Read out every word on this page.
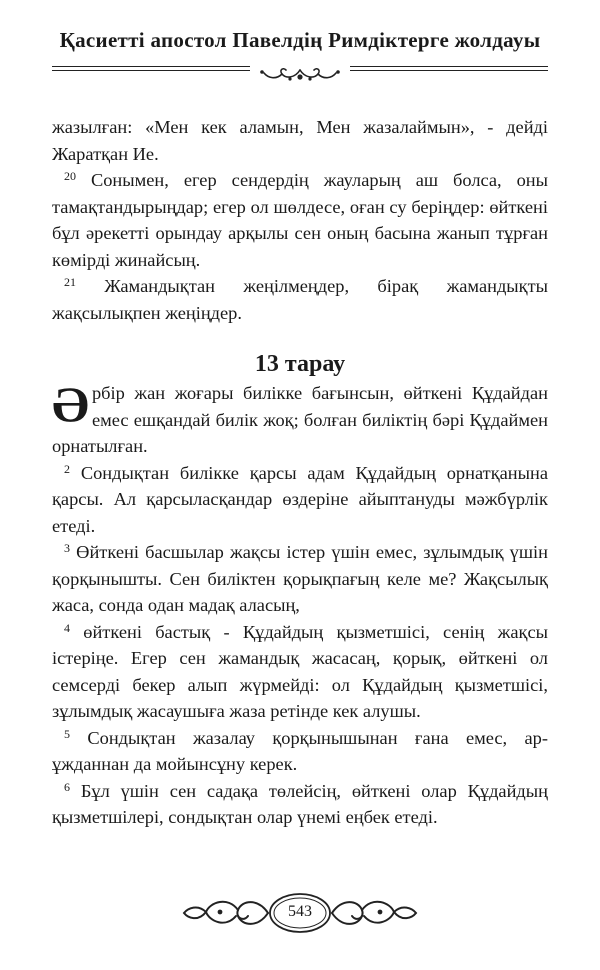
Қасиетті апостол Павелдің Римдіктерге жолдауы

жазылған: «Мен кек аламын, Мен жазалаймын», - дейді Жаратқан Ие.

$^{20}$ Сонымен, егер сендердің жауларың аш болса, оны тамақтандырыңдар; егер ол шөлдесе, оған су беріңдер: өйткені бұл әрекетті орындау арқылы сен оның басына жанып тұрған көмірді жинайсың.

$^{21}$ Жамандықтан жеңілмеңдер, бірақ жамандықты жақсылықпен жеңіңдер.

13 тарау

Әрбір жан жоғары билікке бағынсын, өйткені Құдайдан емес ешқандай билік жоқ; болған биліктің бәрі Құдаймен орнатылған.

$^2$ Сондықтан билікке қарсы адам Құдайдың орнатқанына қарсы. Ал қарсыласқандар өздеріне айыптануды мәжбүрлік етеді.

$^3$ Өйткені басшылар жақсы істер үшін емес, зұлымдық үшін қорқынышты. Сен биліктен қорықпағың келе ме? Жақсылық жаса, сонда одан мадақ аласың,

$^4$ өйткені бастық - Құдайдың қызметшісі, сенің жақсы істеріңе. Егер сен жамандық жасасаң, қорық, өйткені ол семсерді бекер алып жүрмейді: ол Құдайдың қызметшісі, зұлымдық жасаушыға жаза ретінде кек алушы.

$^5$ Сондықтан жазалау қорқынышынан ғана емес, ар-ұжданнан да мойынсұну керек.

$^6$ Бұл үшін сен садақа төлейсің, өйткені олар Құдайдың қызметшілері, сондықтан олар үнемі еңбек етеді.

543
